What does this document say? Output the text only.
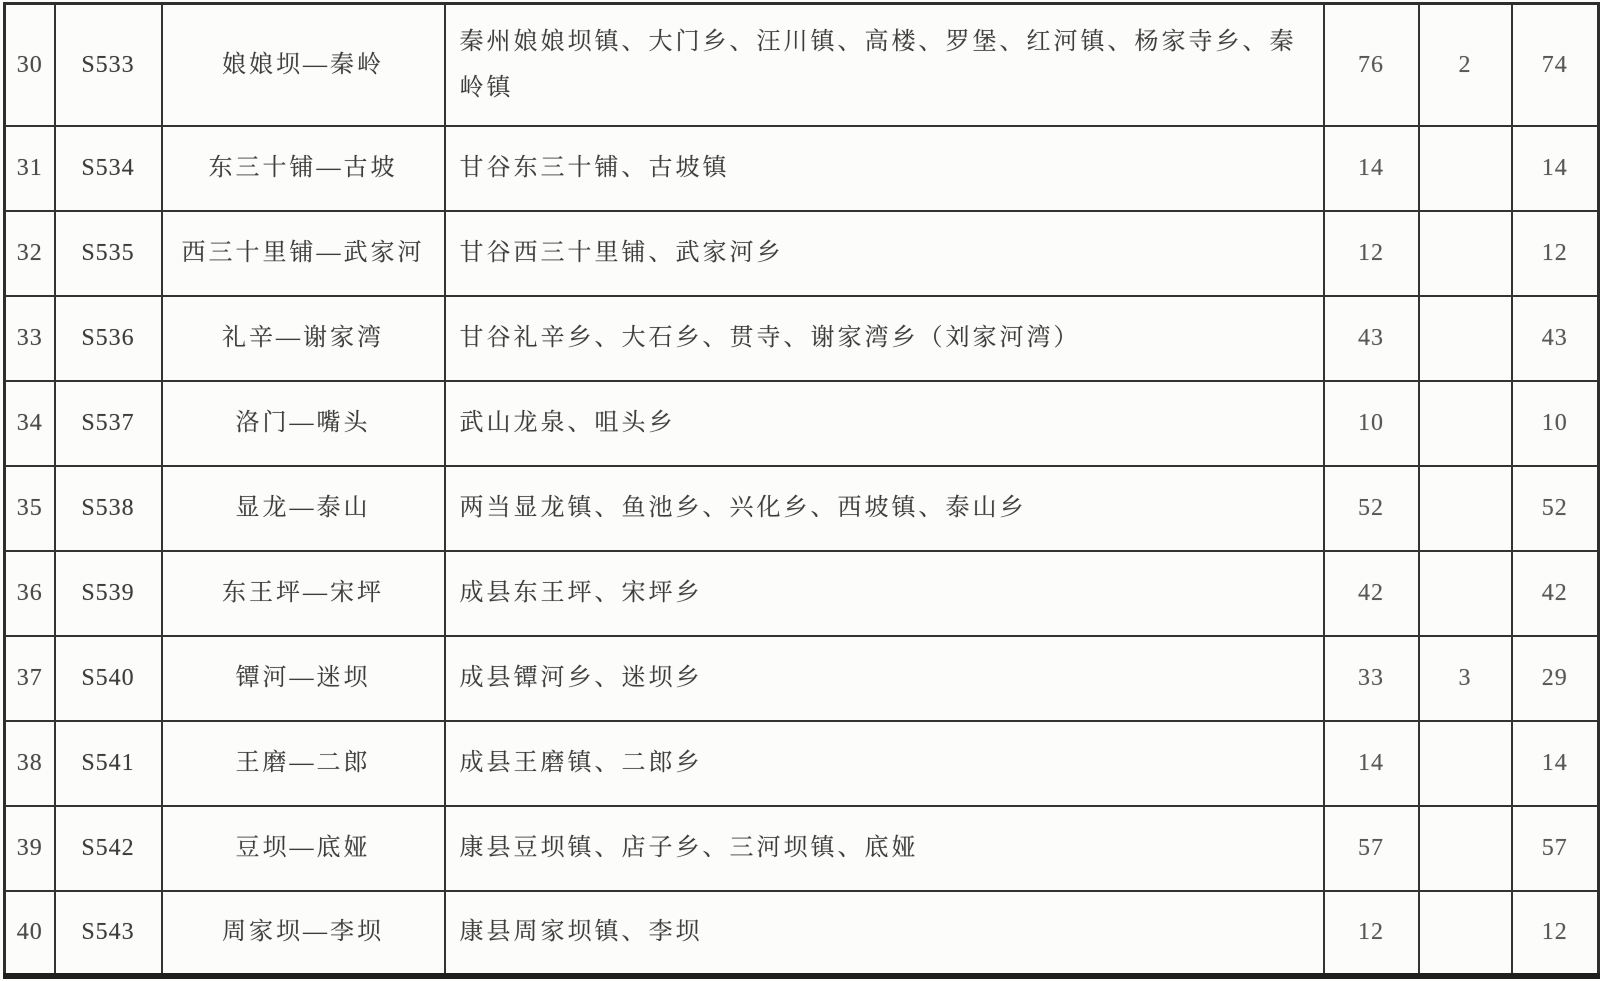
30	S533	娘娘坝—秦岭	秦州娘娘坝镇、大门乡、汪川镇、高楼、罗堡、红河镇、杨家寺乡、秦岭镇	76	2	74
31	S534	东三十铺—古坡	甘谷东三十铺、古坡镇	14		14
32	S535	西三十里铺—武家河	甘谷西三十里铺、武家河乡	12		12
33	S536	礼辛—谢家湾	甘谷礼辛乡、大石乡、贯寺、谢家湾乡（刘家河湾）	43		43
34	S537	洛门—嘴头	武山龙泉、咀头乡	10		10
35	S538	显龙—泰山	两当显龙镇、鱼池乡、兴化乡、西坡镇、泰山乡	52		52
36	S539	东王坪—宋坪	成县东王坪、宋坪乡	42		42
37	S540	镡河—迷坝	成县镡河乡、迷坝乡	33	3	29
38	S541	王磨—二郎	成县王磨镇、二郎乡	14		14
39	S542	豆坝—底娅	康县豆坝镇、店子乡、三河坝镇、底娅	57		57
40	S543	周家坝—李坝	康县周家坝镇、李坝	12		12
